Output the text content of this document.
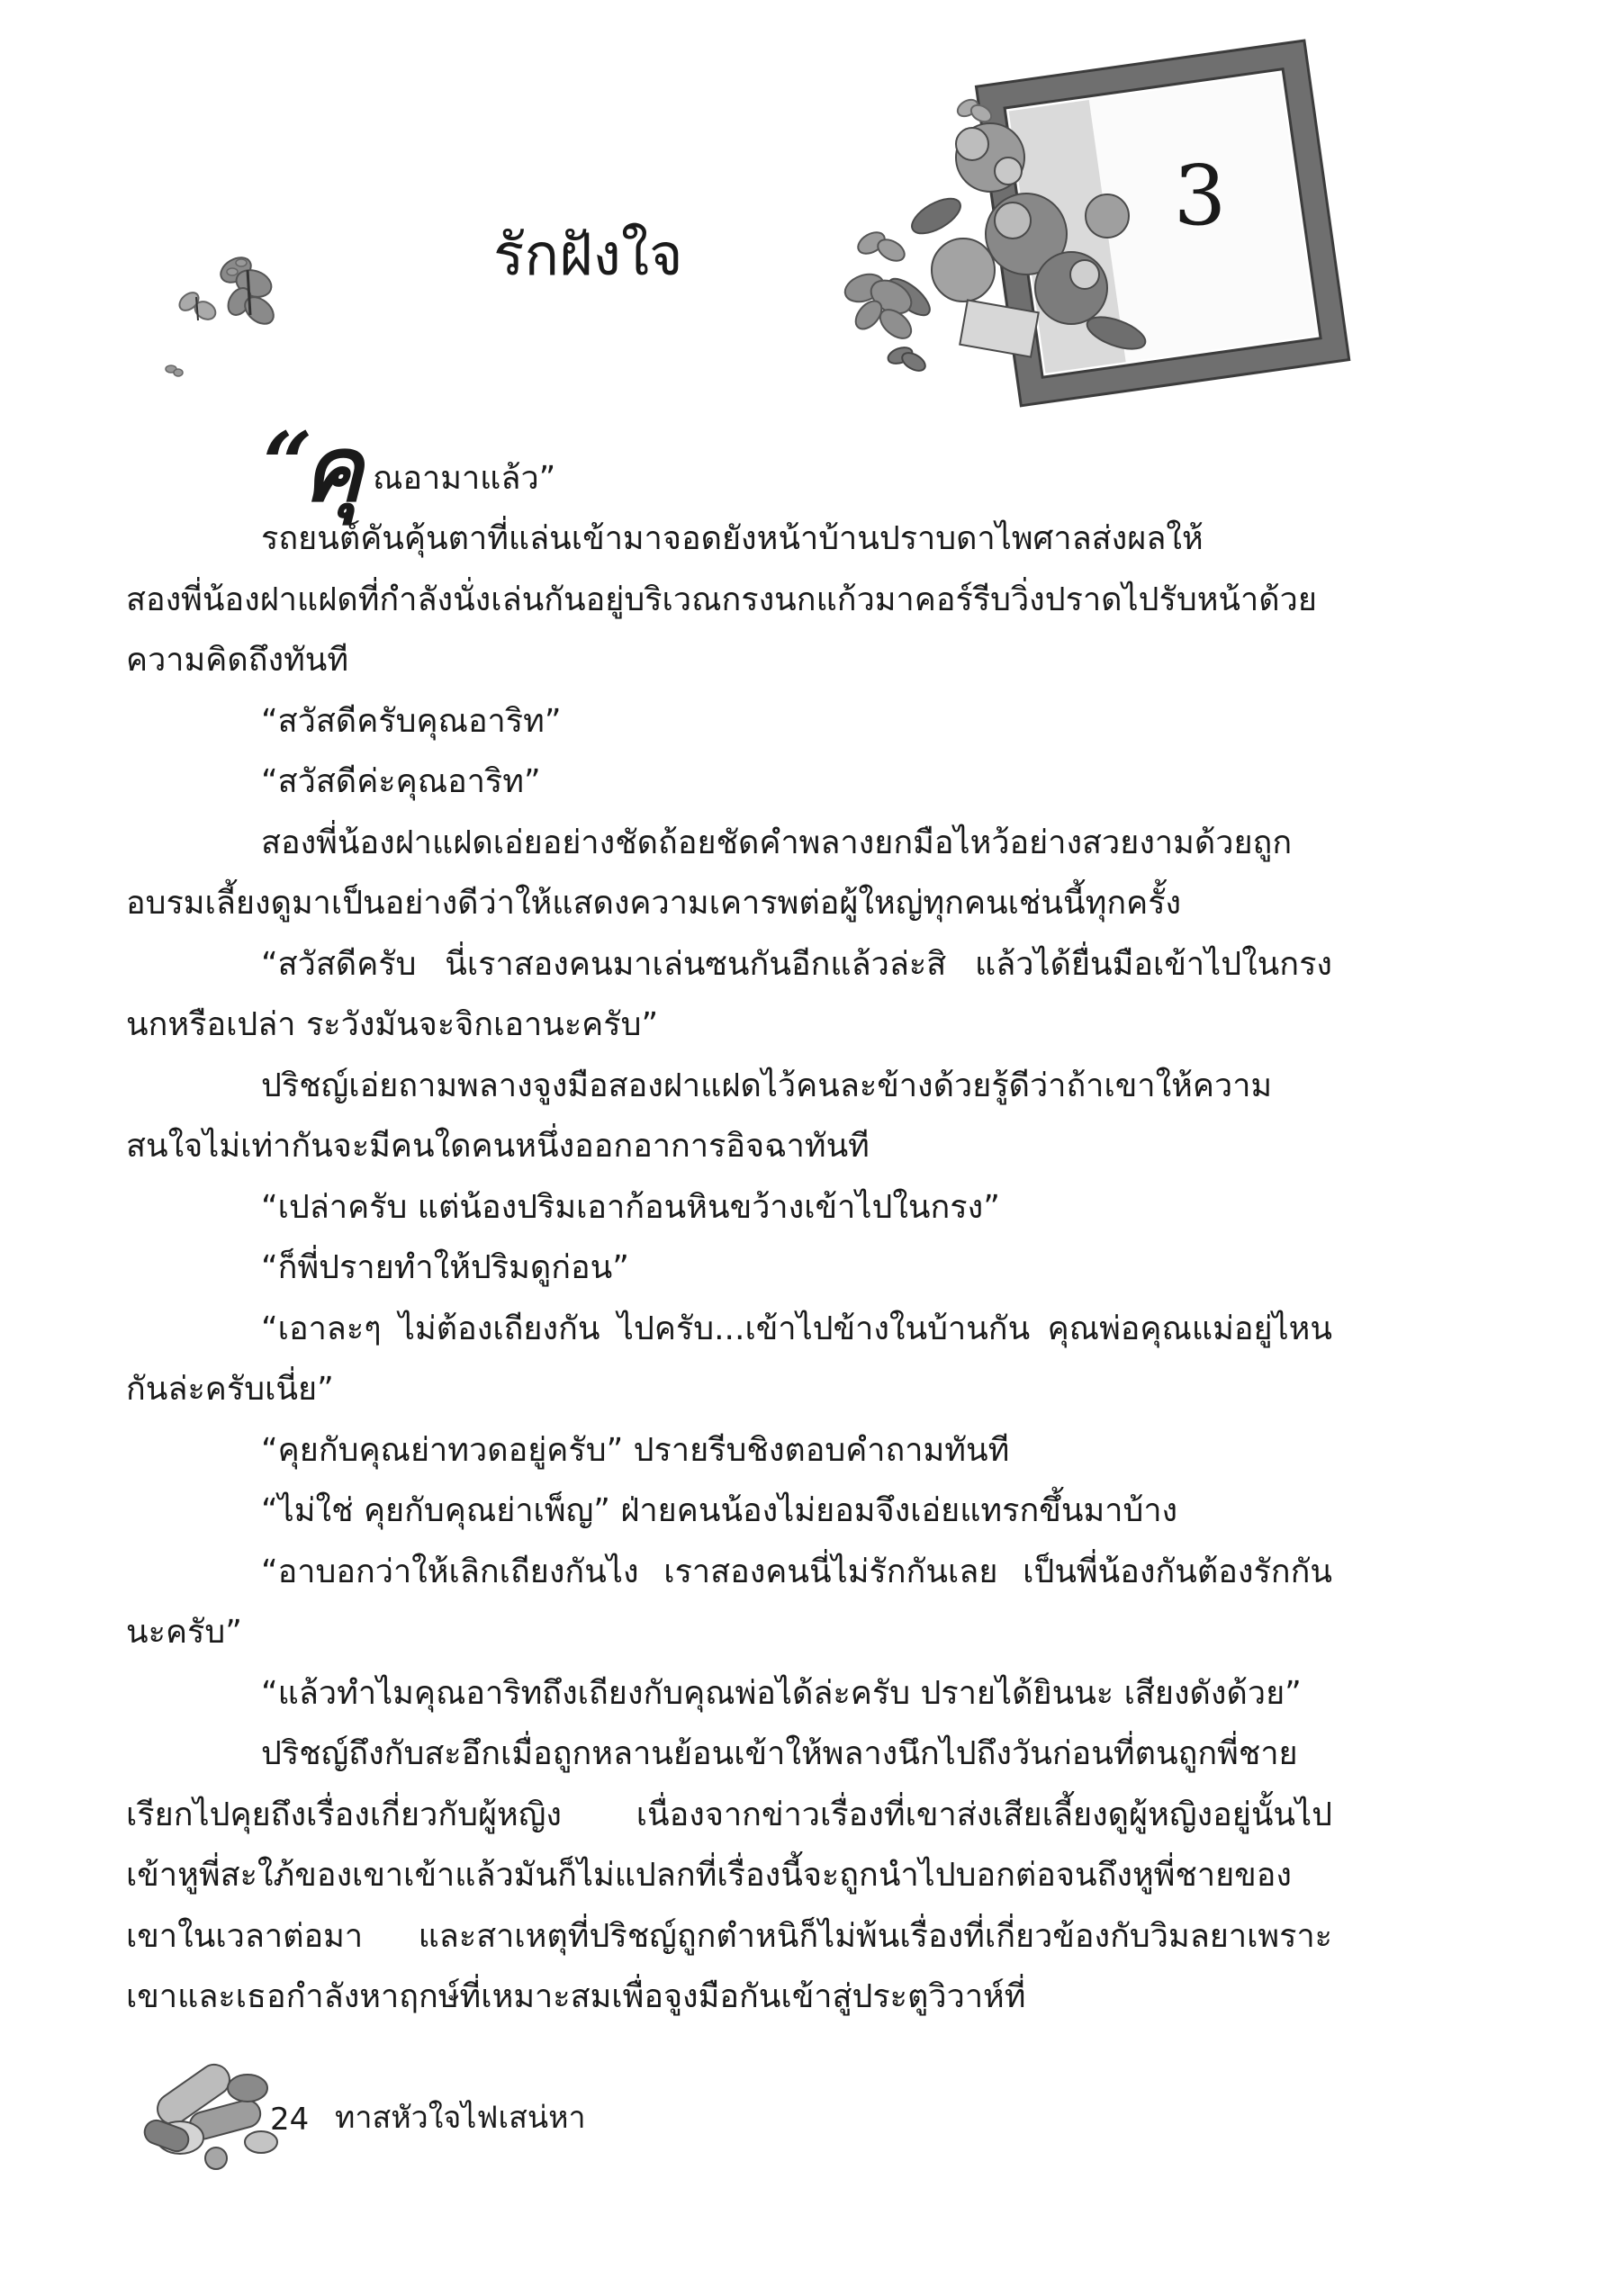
3
รักฝังใจ
“
คุ ณอามาแล้ว”

รถยนต์คันคุ้นตาที่แล่นเข้ามาจอดยังหน้าบ้านปราบดาไพศาลส่งผลให้สองพี่น้องฝาแฝดที่กำลังนั่งเล่นกันอยู่บริเวณกรงนกแก้วมาคอร์รีบวิ่งปราดไปรับหน้าด้วยความคิดถึงทันที

“สวัสดีครับคุณอาริท”

“สวัสดีค่ะคุณอาริท”

สองพี่น้องฝาแฝดเอ่ยอย่างชัดถ้อยชัดคำพลางยกมือไหว้อย่างสวยงามด้วยถูกอบรมเลี้ยงดูมาเป็นอย่างดีว่าให้แสดงความเคารพต่อผู้ใหญ่ทุกคนเช่นนี้ทุกครั้ง

“สวัสดีครับ นี่เราสองคนมาเล่นซนกันอีกแล้วล่ะสิ แล้วได้ยื่นมือเข้าไปในกรงนกหรือเปล่า ระวังมันจะจิกเอานะครับ”

ปริชญ์เอ่ยถามพลางจูงมือสองฝาแฝดไว้คนละข้างด้วยรู้ดีว่าถ้าเขาให้ความสนใจไม่เท่ากันจะมีคนใดคนหนึ่งออกอาการอิจฉาทันที

“เปล่าครับ แต่น้องปริมเอาก้อนหินขว้างเข้าไปในกรง”

“ก็พี่ปรายทำให้ปริมดูก่อน”

“เอาละๆ ไม่ต้องเถียงกัน ไปครับ...เข้าไปข้างในบ้านกัน คุณพ่อคุณแม่อยู่ไหนกันล่ะครับเนี่ย”

“คุยกับคุณย่าทวดอยู่ครับ” ปรายรีบชิงตอบคำถามทันที

“ไม่ใช่ คุยกับคุณย่าเพ็ญ” ฝ่ายคนน้องไม่ยอมจึงเอ่ยแทรกขึ้นมาบ้าง

“อาบอกว่าให้เลิกเถียงกันไง เราสองคนนี่ไม่รักกันเลย เป็นพี่น้องกันต้องรักกันนะครับ”

“แล้วทำไมคุณอาริทถึงเถียงกับคุณพ่อได้ล่ะครับ ปรายได้ยินนะ เสียงดังด้วย”

ปริชญ์ถึงกับสะอึกเมื่อถูกหลานย้อนเข้าให้พลางนึกไปถึงวันก่อนที่ตนถูกพี่ชายเรียกไปคุยถึงเรื่องเกี่ยวกับผู้หญิง เนื่องจากข่าวเรื่องที่เขาส่งเสียเลี้ยงดูผู้หญิงอยู่นั้นไปเข้าหูพี่สะใภ้ของเขาเข้าแล้วมันก็ไม่แปลกที่เรื่องนี้จะถูกนำไปบอกต่อจนถึงหูพี่ชายของเขาในเวลาต่อมา และสาเหตุที่ปริชญ์ถูกตำหนิก็ไม่พ้นเรื่องที่เกี่ยวข้องกับวิมลยาเพราะเขาและเธอกำลังหาฤกษ์ที่เหมาะสมเพื่อจูงมือกันเข้าสู่ประตูวิวาห์ที่

24 ทาสหัวใจไฟเสน่หา
